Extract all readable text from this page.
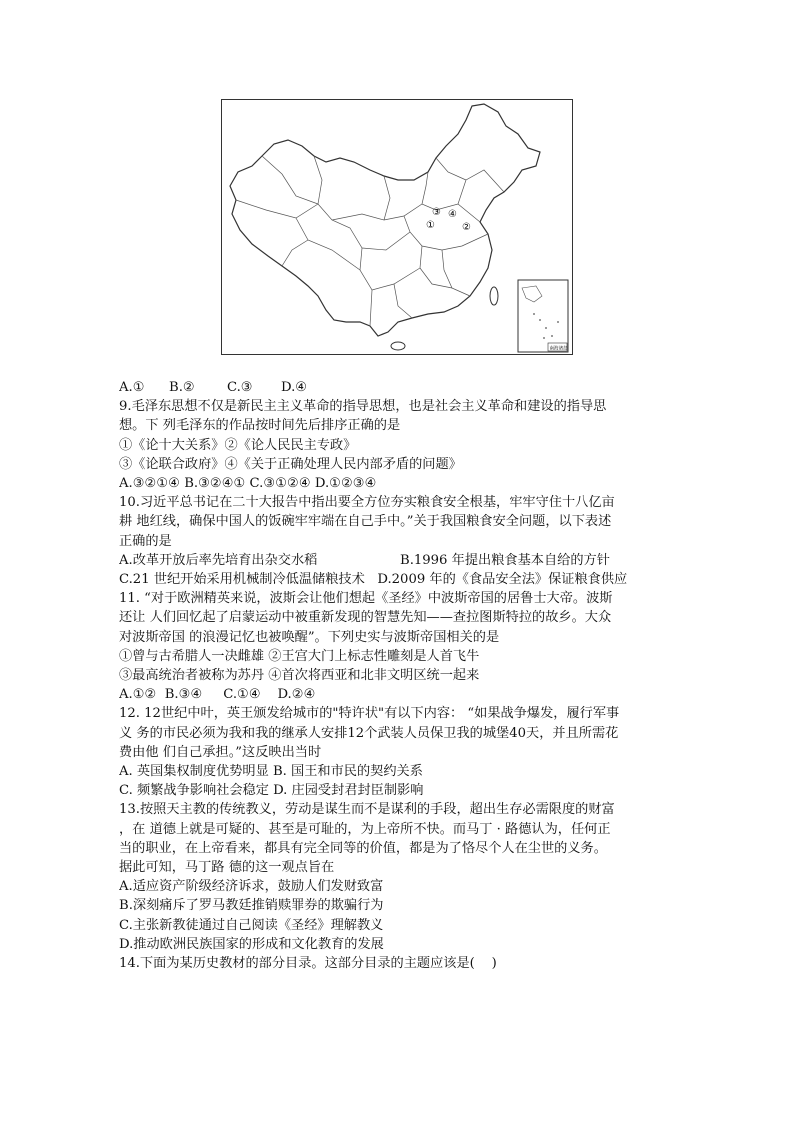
③ ④
①	②
南海诸岛
A.① B.② C.③ D.④
9.毛泽东思想不仅是新民主主义革命的指导思想，也是社会主义革命和建设的指导思
想。下 列毛泽东的作品按时间先后排序正确的是
①《论十大关系》②《论人民民主专政》
③《论联合政府》④《关于正确处理人民内部矛盾的问题》
A.③②①④ B.③②④① C.③①②④ D.①②③④
10.习近平总书记在二十大报告中指出要全方位夯实粮食安全根基，牢牢守住十八亿亩
耕 地红线，确保中国人的饭碗牢牢端在自己手中。”关于我国粮食安全问题，以下表述
正确的是
A.改革开放后率先培育出杂交水稻	B.1996 年提出粮食基本自给的方针
C.21 世纪开始采用机械制冷低温储粮技术 D.2009 年的《食品安全法》保证粮食供应
11. “对于欧洲精英来说，波斯会让他们想起《圣经》中波斯帝国的居鲁士大帝。波斯
还让 人们回忆起了启蒙运动中被重新发现的智慧先知——查拉图斯特拉的故乡。大众
对波斯帝国 的浪漫记忆也被唤醒”。下列史实与波斯帝国相关的是
①曾与古希腊人一决雌雄 ②王宫大门上标志性雕刻是人首飞牛
③最高统治者被称为苏丹 ④首次将西亚和北非文明区统一起来
A.①②  B.③④     C.①④    D.②④
12. 12世纪中叶，英王颁发给城市的"特许状"有以下内容： “如果战争爆发，履行军事
义 务的市民必须为我和我的继承人安排12个武装人员保卫我的城堡40天，并且所需花
费由他 们自己承担。”这反映出当时
A. 英国集权制度优势明显 B. 国王和市民的契约关系
C. 频繁战争影响社会稳定 D. 庄园受封君封臣制影响
13.按照天主教的传统教义，劳动是谋生而不是谋利的手段，超出生存必需限度的财富
，在 道德上就是可疑的、甚至是可耻的，为上帝所不快。而马丁 · 路德认为，任何正
当的职业，在上帝看来，都具有完全同等的价值，都是为了恪尽个人在尘世的义务。
据此可知，马丁路 德的这一观点旨在
A.适应资产阶级经济诉求，鼓励人们发财致富
B.深刻痛斥了罗马教廷推销赎罪券的欺骗行为
C.主张新教徒通过自己阅读《圣经》理解教义
D.推动欧洲民族国家的形成和文化教育的发展
14.下面为某历史教材的部分目录。这部分目录的主题应该是(    )
